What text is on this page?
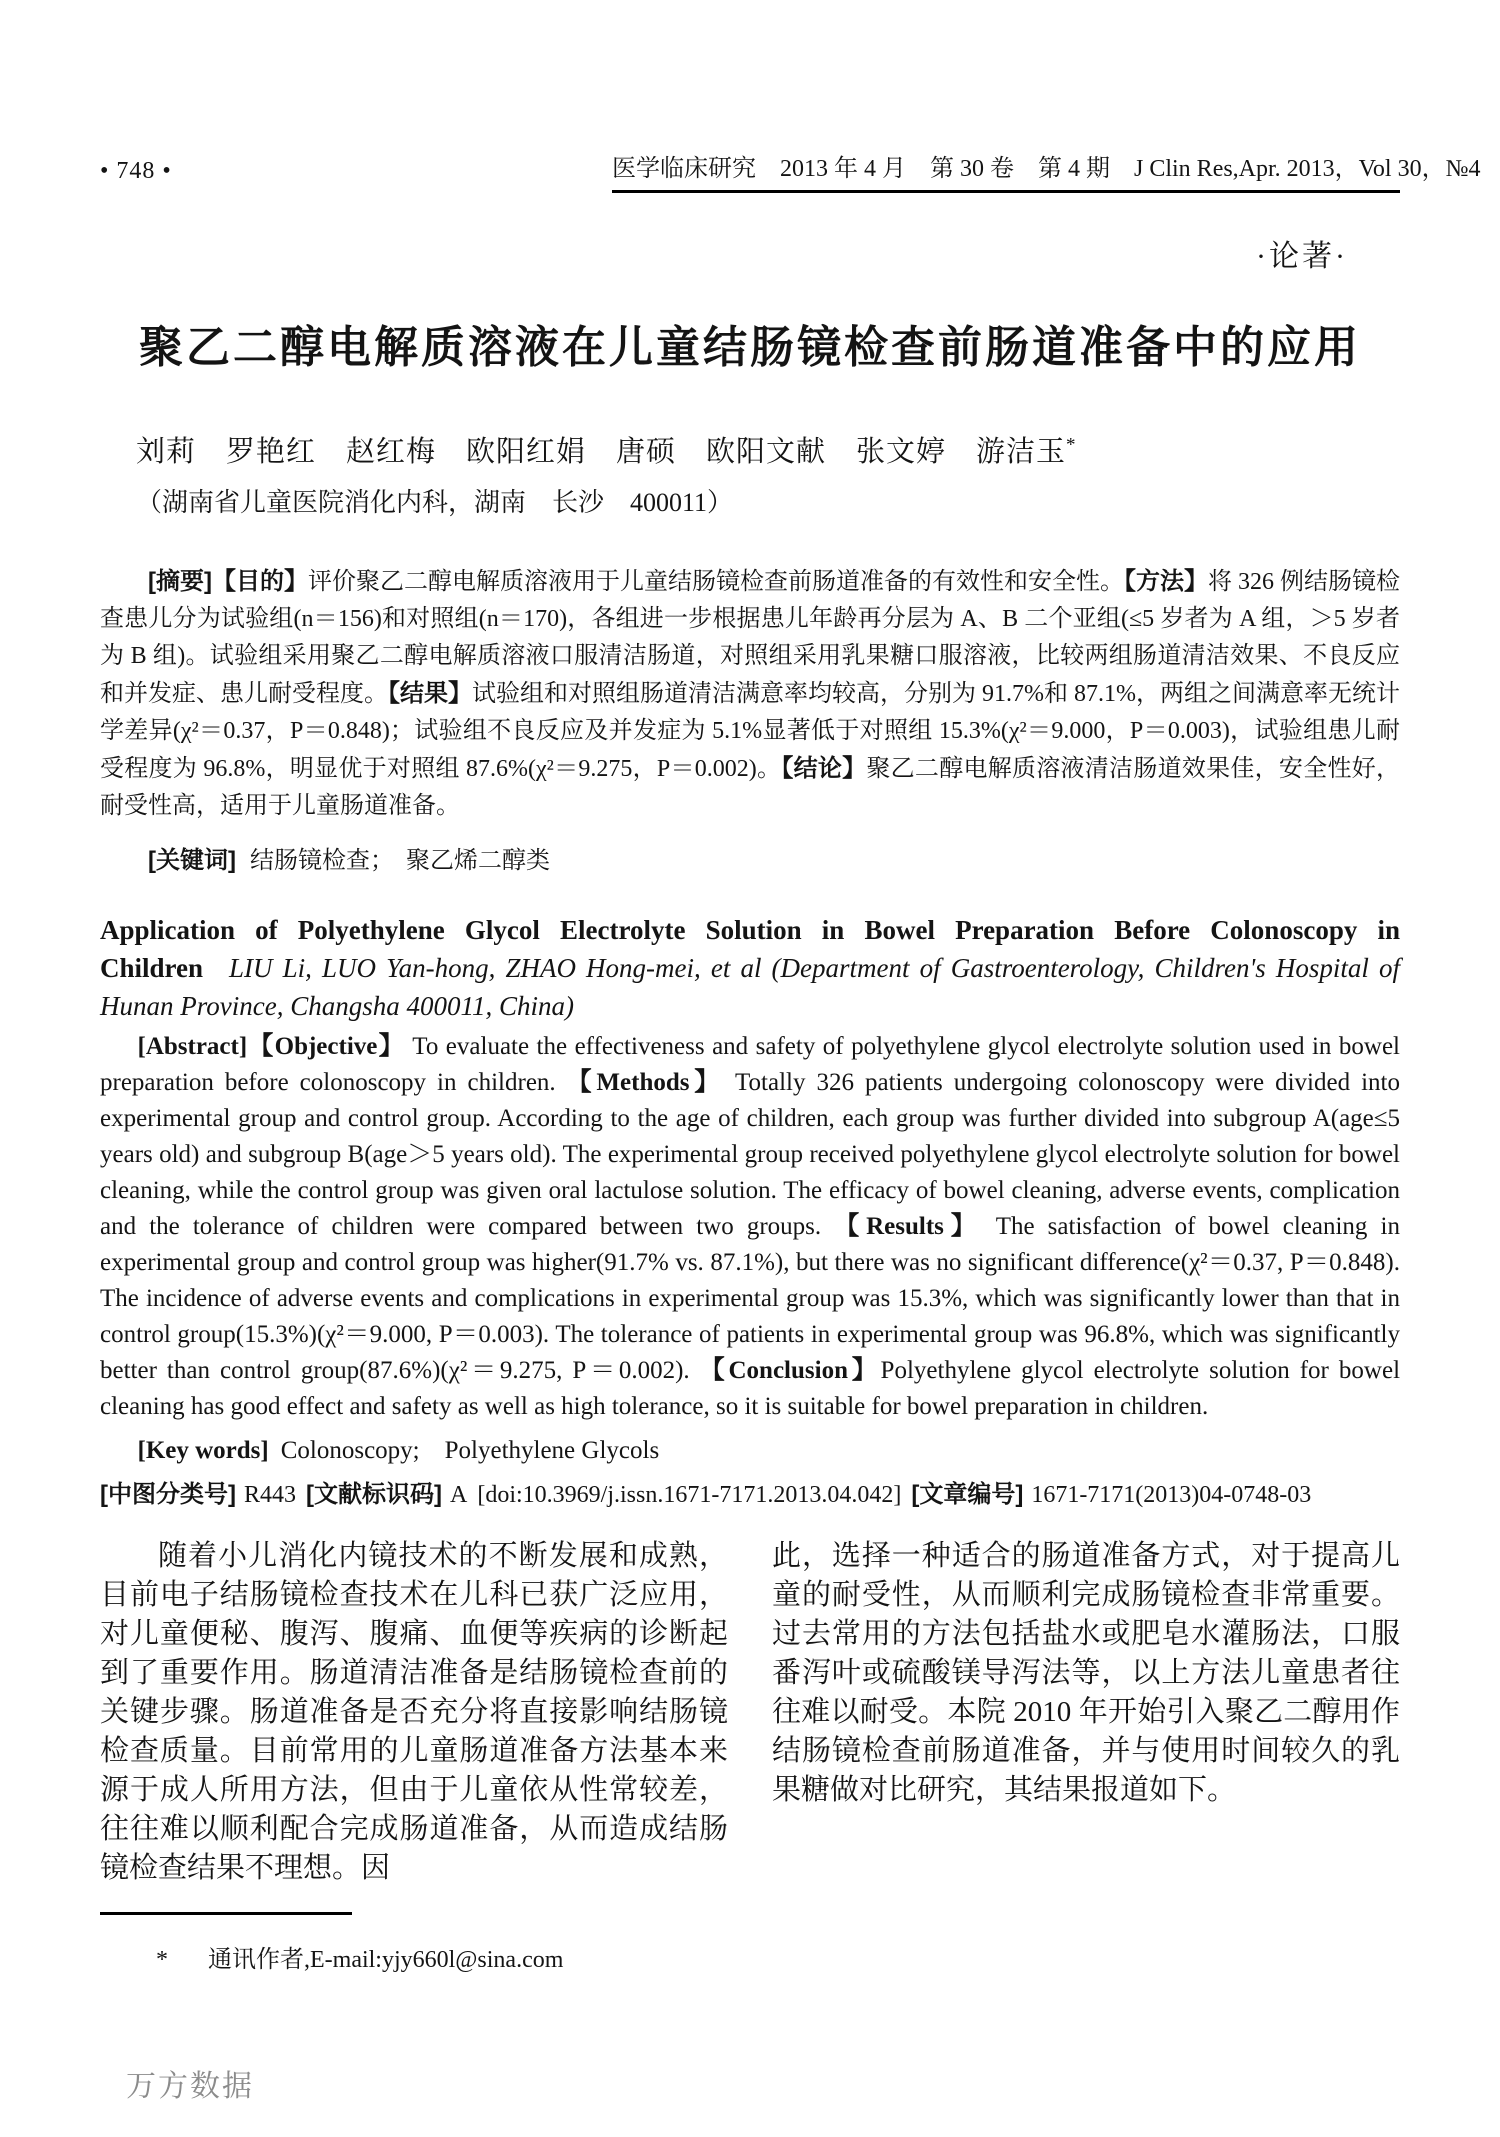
• 748 •	医学临床研究　2013 年 4 月　第 30 卷　第 4 期　J Clin Res,Apr. 2013，Vol 30，№4
·论著·
聚乙二醇电解质溶液在儿童结肠镜检查前肠道准备中的应用
刘莉　罗艳红　赵红梅　欧阳红娟　唐硕　欧阳文献　张文婷　游洁玉*
（湖南省儿童医院消化内科，湖南　长沙　400011）

[摘要]【目的】评价聚乙二醇电解质溶液用于儿童结肠镜检查前肠道准备的有效性和安全性。【方法】将 326 例结肠镜检查患儿分为试验组(n＝156)和对照组(n＝170)，各组进一步根据患儿年龄再分层为 A、B 二个亚组(≤5 岁者为 A 组，＞5 岁者为 B 组)。试验组采用聚乙二醇电解质溶液口服清洁肠道，对照组采用乳果糖口服溶液，比较两组肠道清洁效果、不良反应和并发症、患儿耐受程度。【结果】试验组和对照组肠道清洁满意率均较高，分别为 91.7%和 87.1%，两组之间满意率无统计学差异(χ²＝0.37，P＝0.848)；试验组不良反应及并发症为 5.1%显著低于对照组 15.3%(χ²＝9.000，P＝0.003)，试验组患儿耐受程度为 96.8%，明显优于对照组 87.6%(χ²＝9.275，P＝0.002)。【结论】聚乙二醇电解质溶液清洁肠道效果佳，安全性好，耐受性高，适用于儿童肠道准备。

[关键词] 结肠镜检查；　聚乙烯二醇类

Application of Polyethylene Glycol Electrolyte Solution in Bowel Preparation Before Colonoscopy in Children LIU Li, LUO Yan-hong, ZHAO Hong-mei, et al (Department of Gastroenterology, Children's Hospital of Hunan Province, Changsha 400011, China)

[Abstract]【Objective】 To evaluate the effectiveness and safety of polyethylene glycol electrolyte solution used in bowel preparation before colonoscopy in children. 【Methods】 Totally 326 patients undergoing colonoscopy were divided into experimental group and control group. According to the age of children, each group was further divided into subgroup A(age≤5 years old) and subgroup B(age＞5 years old). The experimental group received polyethylene glycol electrolyte solution for bowel cleaning, while the control group was given oral lactulose solution. The efficacy of bowel cleaning, adverse events, complication and the tolerance of children were compared between two groups. 【Results】 The satisfaction of bowel cleaning in experimental group and control group was higher(91.7% vs. 87.1%), but there was no significant difference(χ²＝0.37, P＝0.848). The incidence of adverse events and complications in experimental group was 15.3%, which was significantly lower than that in control group(15.3%)(χ²＝9.000, P＝0.003). The tolerance of patients in experimental group was 96.8%, which was significantly better than control group(87.6%)(χ²＝9.275, P＝0.002). 【Conclusion】Polyethylene glycol electrolyte solution for bowel cleaning has good effect and safety as well as high tolerance, so it is suitable for bowel preparation in children.

[Key words] Colonoscopy;　Polyethylene Glycols
[中图分类号] R443 [文献标识码] A [doi:10.3969/j.issn.1671-7171.2013.04.042] [文章编号] 1671-7171(2013)04-0748-03

随着小儿消化内镜技术的不断发展和成熟，目前电子结肠镜检查技术在儿科已获广泛应用，对儿童便秘、腹泻、腹痛、血便等疾病的诊断起到了重要作用。肠道清洁准备是结肠镜检查前的关键步骤。肠道准备是否充分将直接影响结肠镜检查质量。目前常用的儿童肠道准备方法基本来源于成人所用方法，但由于儿童依从性常较差，往往难以顺利配合完成肠道准备，从而造成结肠镜检查结果不理想。因

* 通讯作者,E-mail:yjy660l@sina.com

此，选择一种适合的肠道准备方式，对于提高儿童的耐受性，从而顺利完成肠镜检查非常重要。过去常用的方法包括盐水或肥皂水灌肠法，口服番泻叶或硫酸镁导泻法等，以上方法儿童患者往往难以耐受。本院 2010 年开始引入聚乙二醇用作结肠镜检查前肠道准备，并与使用时间较久的乳果糖做对比研究，其结果报道如下。

万方数据
